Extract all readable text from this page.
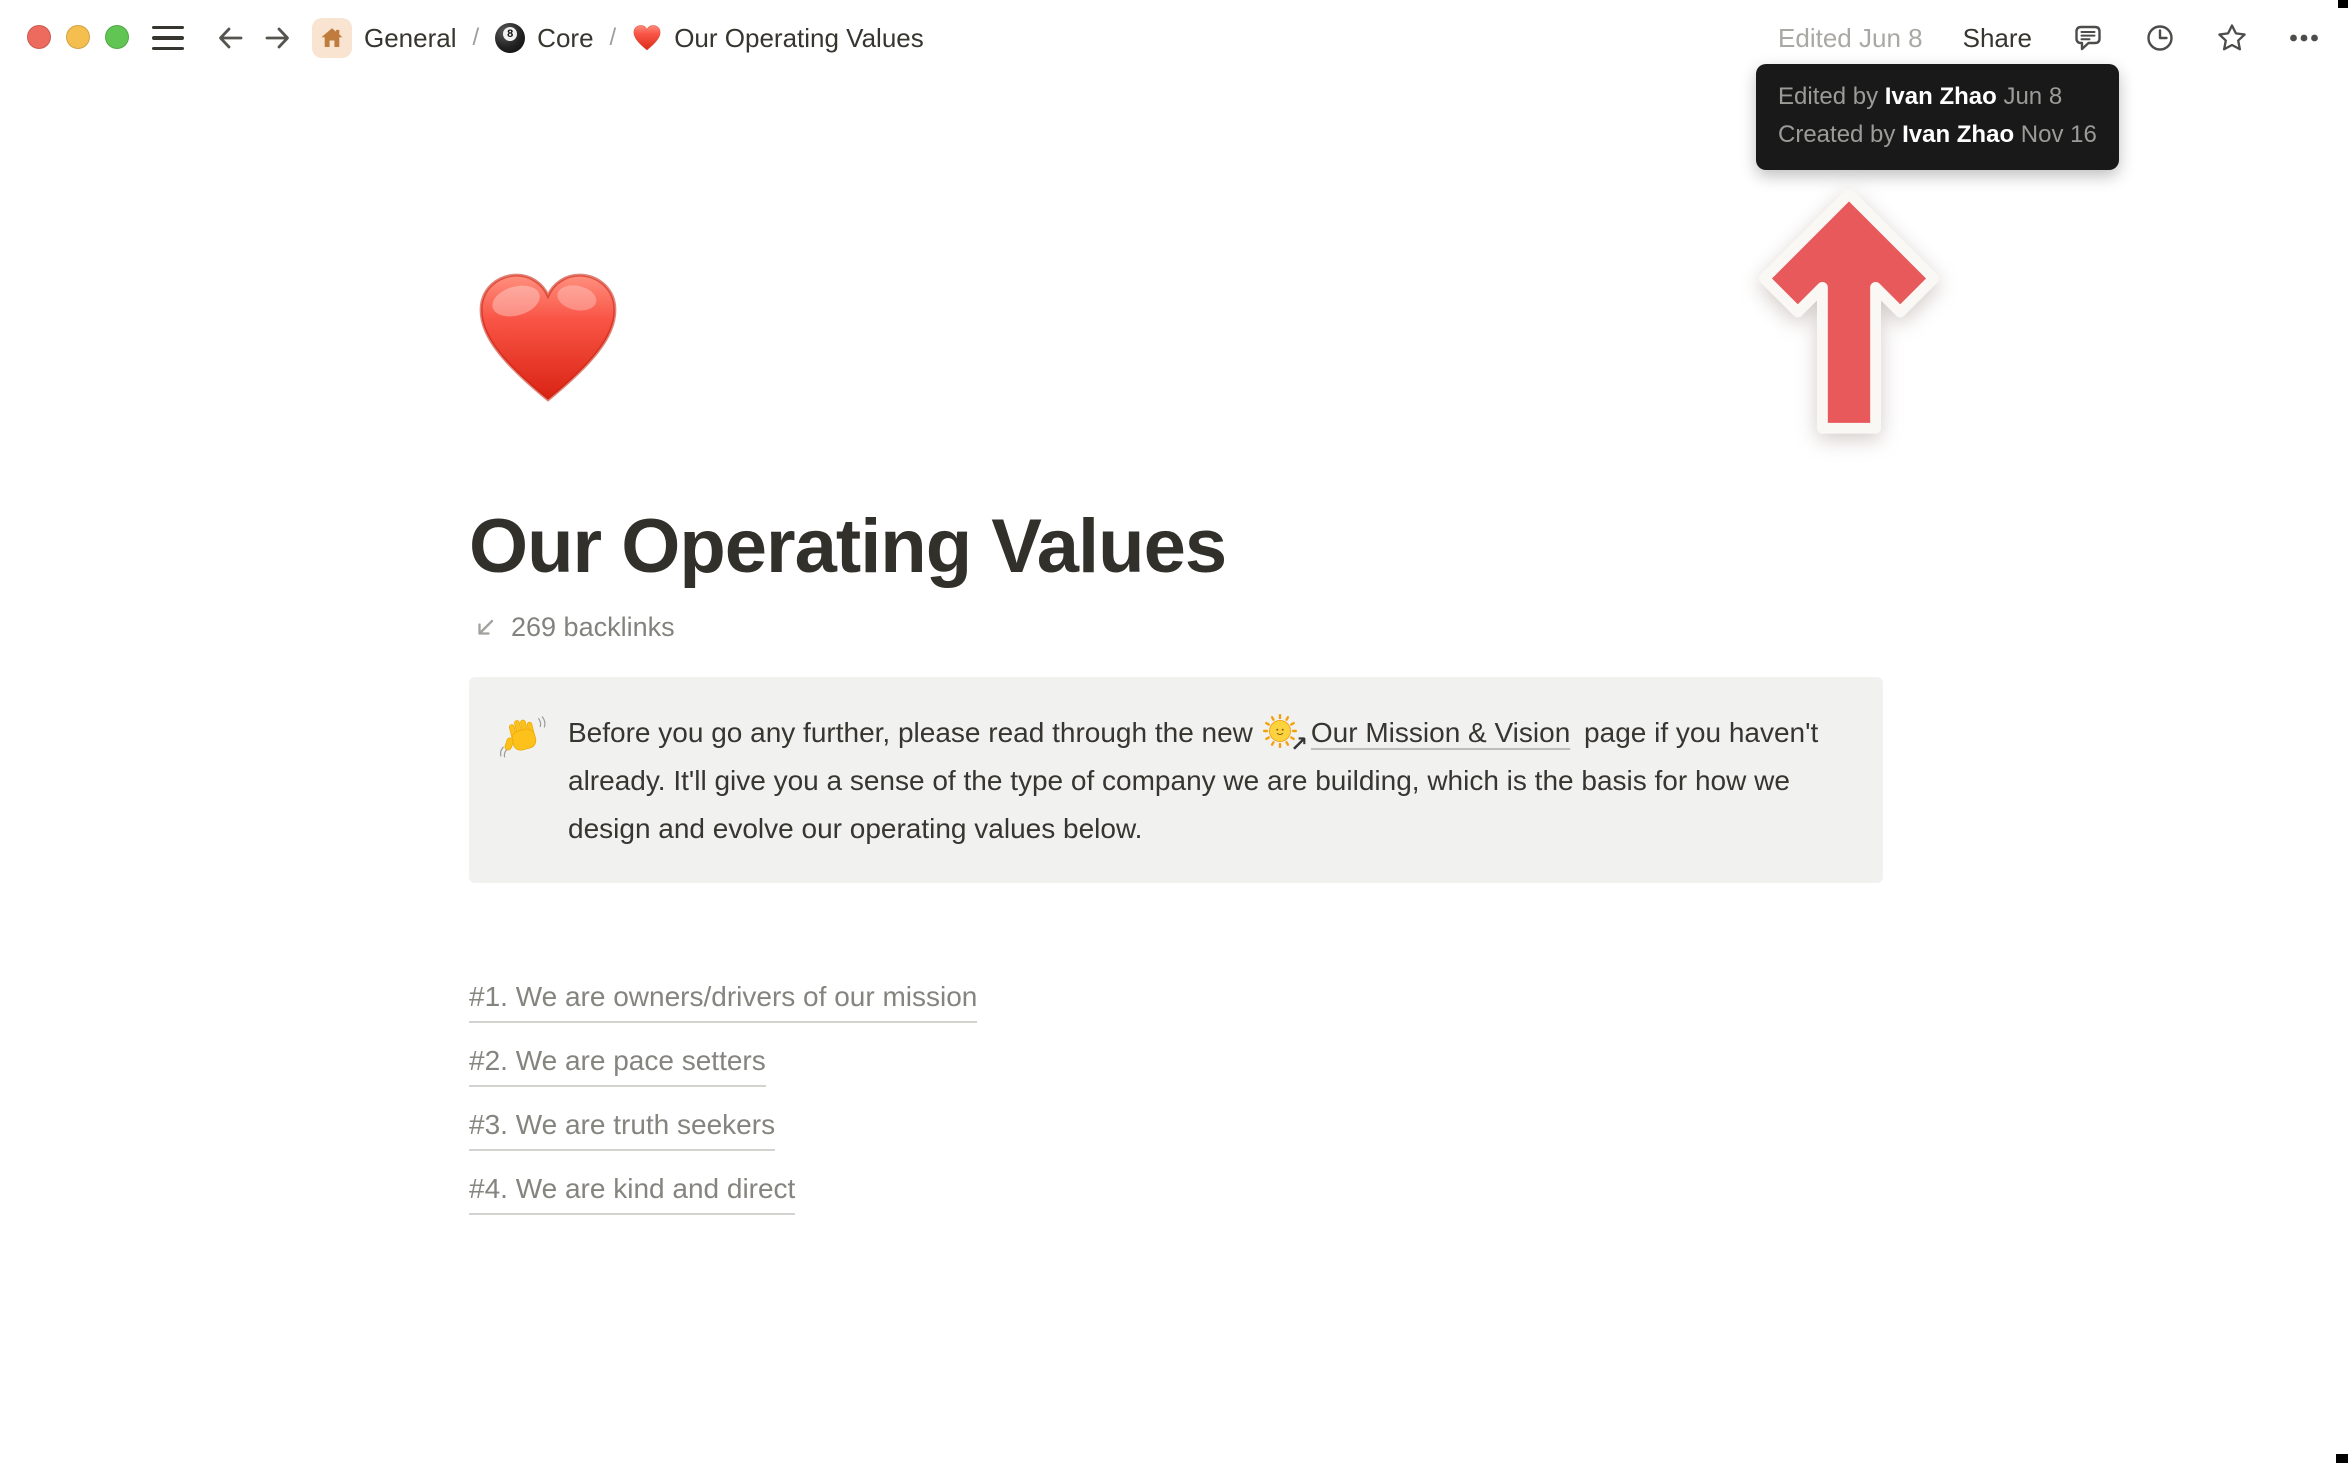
General /	8 Core / Our Operating Values	Edited Jun 8 Share
Edited by Ivan Zhao Jun 8
Created by Ivan Zhao Nov 16
Our Operating Values
269 backlinks

Before you go any further, please read through the new ↗ Our Mission & Vision page if you haven't already. It'll give you a sense of the type of company we are building, which is the basis for how we design and evolve our operating values below.

#1. We are owners/drivers of our mission
#2. We are pace setters
#3. We are truth seekers
#4. We are kind and direct
